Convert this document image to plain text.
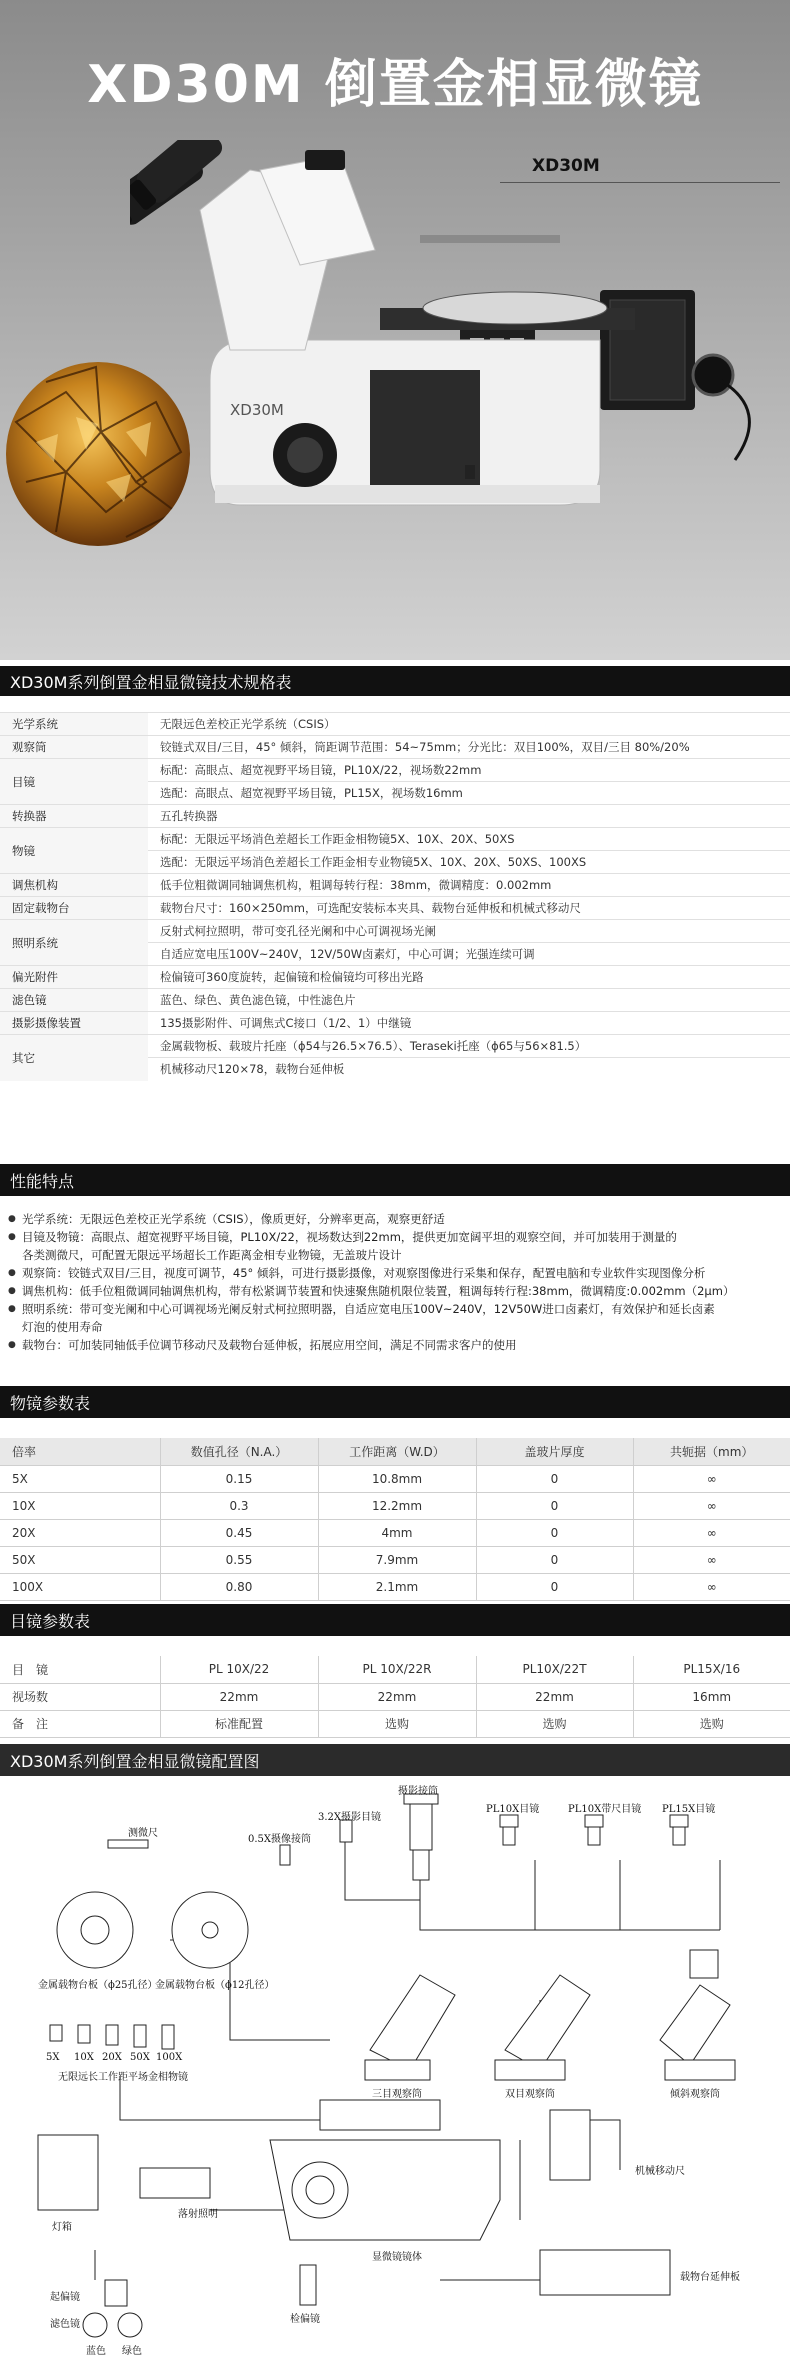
XD30M 倒置金相显微镜
XD30M
XD30M
XD30M系列倒置金相显微镜技术规格表
光学系统	无限远色差校正光学系统（CSIS）
观察筒	铰链式双目/三目，45° 倾斜，筒距调节范围：54~75mm；分光比：双目100%，双目/三目 80%/20%
目镜	标配：高眼点、超宽视野平场目镜，PL10X/22，视场数22mm
	选配：高眼点、超宽视野平场目镜，PL15X，视场数16mm
转换器	五孔转换器
物镜	标配：无限远平场消色差超长工作距金相物镜5X、10X、20X、50XS
	选配：无限远平场消色差超长工作距金相专业物镜5X、10X、20X、50XS、100XS
调焦机构	低手位粗微调同轴调焦机构，粗调每转行程：38mm，微调精度：0.002mm
固定载物台	载物台尺寸：160×250mm，可选配安装标本夹具、载物台延伸板和机械式移动尺
照明系统	反射式柯拉照明，带可变孔径光阑和中心可调视场光阑
	自适应宽电压100V~240V，12V/50W卤素灯，中心可调；光强连续可调
偏光附件	检偏镜可360度旋转，起偏镜和检偏镜均可移出光路
滤色镜	蓝色、绿色、黄色滤色镜，中性滤色片
摄影摄像装置	135摄影附件、可调焦式C接口（1/2、1）中继镜
其它	金属载物板、载玻片托座（ϕ54与26.5×76.5）、Teraseki托座（ϕ65与56×81.5）
	机械移动尺120×78，载物台延伸板
性能特点
● 光学系统：无限远色差校正光学系统（CSIS），像质更好，分辨率更高，观察更舒适
● 目镜及物镜：高眼点、超宽视野平场目镜，PL10X/22，视场数达到22mm，提供更加宽阔平坦的观察空间，并可加装用于测量的
各类测微尺，可配置无限远平场超长工作距离金相专业物镜，无盖玻片设计
● 观察筒：铰链式双目/三目，视度可调节，45° 倾斜，可进行摄影摄像，对观察图像进行采集和保存，配置电脑和专业软件实现图像分析
● 调焦机构：低手位粗微调同轴调焦机构，带有松紧调节装置和快速聚焦随机限位装置，粗调每转行程:38mm，微调精度:0.002mm（2μm）
● 照明系统：带可变光阑和中心可调视场光阑反射式柯拉照明器，自适应宽电压100V~240V，12V50W进口卤素灯，有效保护和延长卤素
灯泡的使用寿命
● 载物台：可加装同轴低手位调节移动尺及载物台延伸板，拓展应用空间，满足不同需求客户的使用
物镜参数表
倍率	数值孔径（N.A.）	工作距离（W.D）	盖玻片厚度	共轭据（mm）
5X	0.15	10.8mm	0	∞
10X	0.3	12.2mm	0	∞
20X	0.45	4mm	0	∞
50X	0.55	7.9mm	0	∞
100X	0.80	2.1mm	0	∞
目镜参数表
目　镜	PL 10X/22	PL 10X/22R	PL10X/22T	PL15X/16
视场数	22mm	22mm	22mm	16mm
备　注	标准配置	选购	选购	选购
XD30M系列倒置金相显微镜配置图
摄影接筒
3.2X摄影目镜
0.5X摄像接筒
PL10X目镜	PL10X带尺目镜 PL15X目镜
测微尺
金属载物台板（ϕ25孔径）
金属载物台板（ϕ12孔径）
三目观察筒	双目观察筒	倾斜观察筒
5X 10X 20X 50X 100X
无限远长工作距平场金相物镜
灯箱
落射照明
起偏镜
滤色镜
蓝色 绿色
显微镜镜体
检偏镜
机械移动尺
载物台延伸板
